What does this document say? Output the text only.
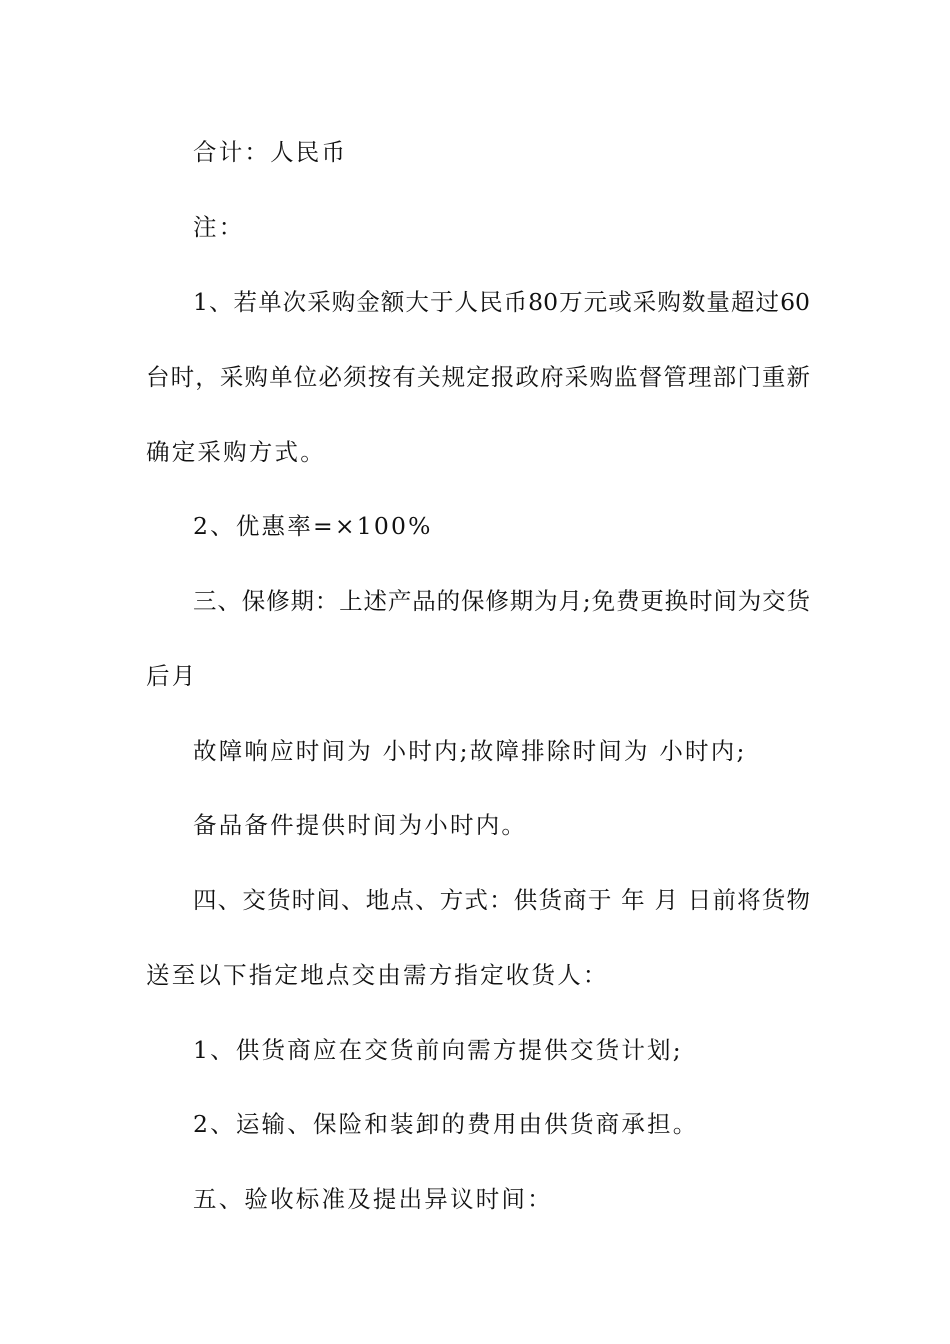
合计：人民币
注：
1、若单次采购金额大于人民币80万元或采购数量超过60
台时，采购单位必须按有关规定报政府采购监督管理部门重新
确定采购方式。
2、优惠率=×100%
三、保修期：上述产品的保修期为月;免费更换时间为交货
后月
故障响应时间为 小时内;故障排除时间为 小时内;
备品备件提供时间为小时内。
四、交货时间、地点、方式：供货商于 年 月 日前将货物
送至以下指定地点交由需方指定收货人：
1、供货商应在交货前向需方提供交货计划;
2、运输、保险和装卸的费用由供货商承担。
五、验收标准及提出异议时间：
